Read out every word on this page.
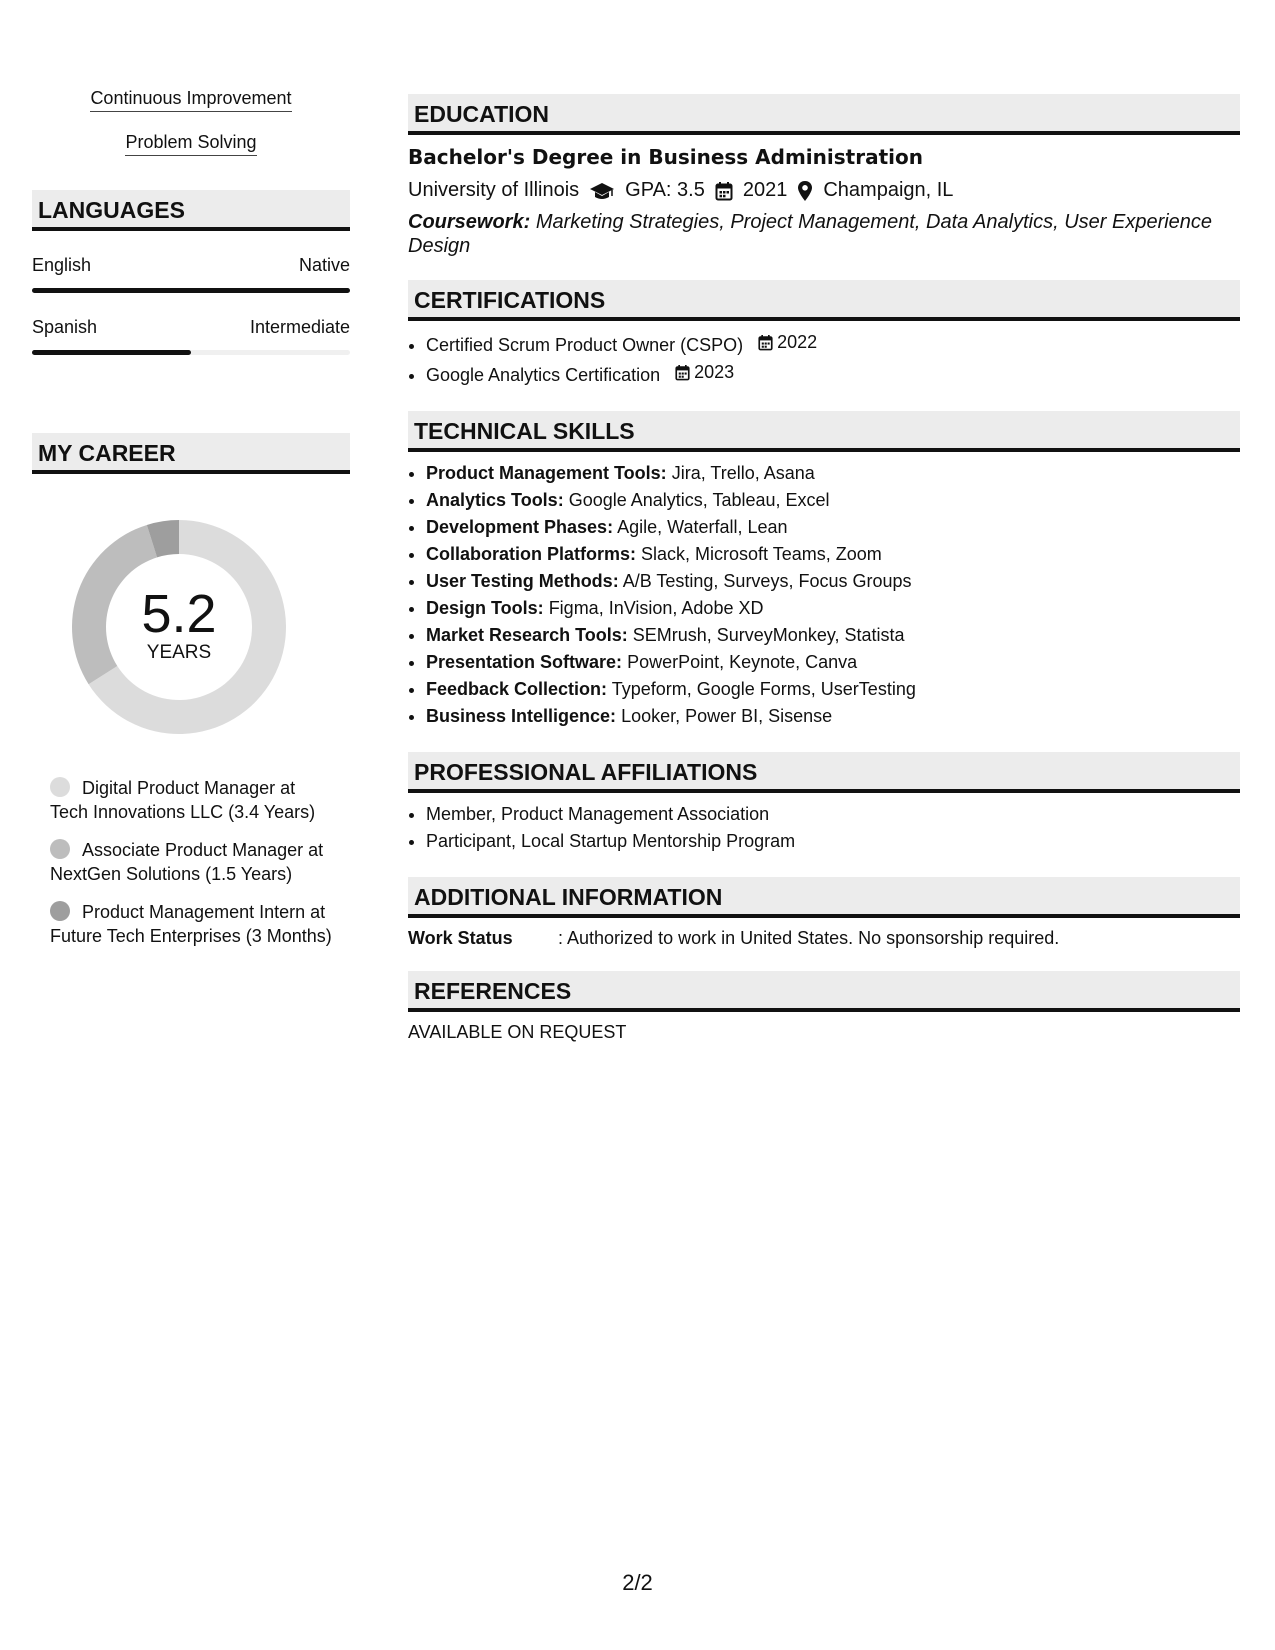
Continuous Improvement
Problem Solving
LANGUAGES
English	Native
Spanish	Intermediate
MY CAREER
5.2
YEARS
Digital Product Manager at Tech Innovations LLC (3.4 Years)
Associate Product Manager at NextGen Solutions (1.5 Years)
Product Management Intern at Future Tech Enterprises (3 Months)
EDUCATION
Bachelor's Degree in Business Administration
University of Illinois GPA: 3.5 2021 Champaign, IL
Coursework: Marketing Strategies, Project Management, Data Analytics, User Experience Design
CERTIFICATIONS
• Certified Scrum Product Owner (CSPO) 2022
• Google Analytics Certification 2023
TECHNICAL SKILLS
• Product Management Tools: Jira, Trello, Asana
• Analytics Tools: Google Analytics, Tableau, Excel
• Development Phases: Agile, Waterfall, Lean
• Collaboration Platforms: Slack, Microsoft Teams, Zoom
• User Testing Methods: A/B Testing, Surveys, Focus Groups
• Design Tools: Figma, InVision, Adobe XD
• Market Research Tools: SEMrush, SurveyMonkey, Statista
• Presentation Software: PowerPoint, Keynote, Canva
• Feedback Collection: Typeform, Google Forms, UserTesting
• Business Intelligence: Looker, Power BI, Sisense
PROFESSIONAL AFFILIATIONS
• Member, Product Management Association
• Participant, Local Startup Mentorship Program
ADDITIONAL INFORMATION
Work Status	: Authorized to work in United States. No sponsorship required.
REFERENCES
AVAILABLE ON REQUEST
2/2
